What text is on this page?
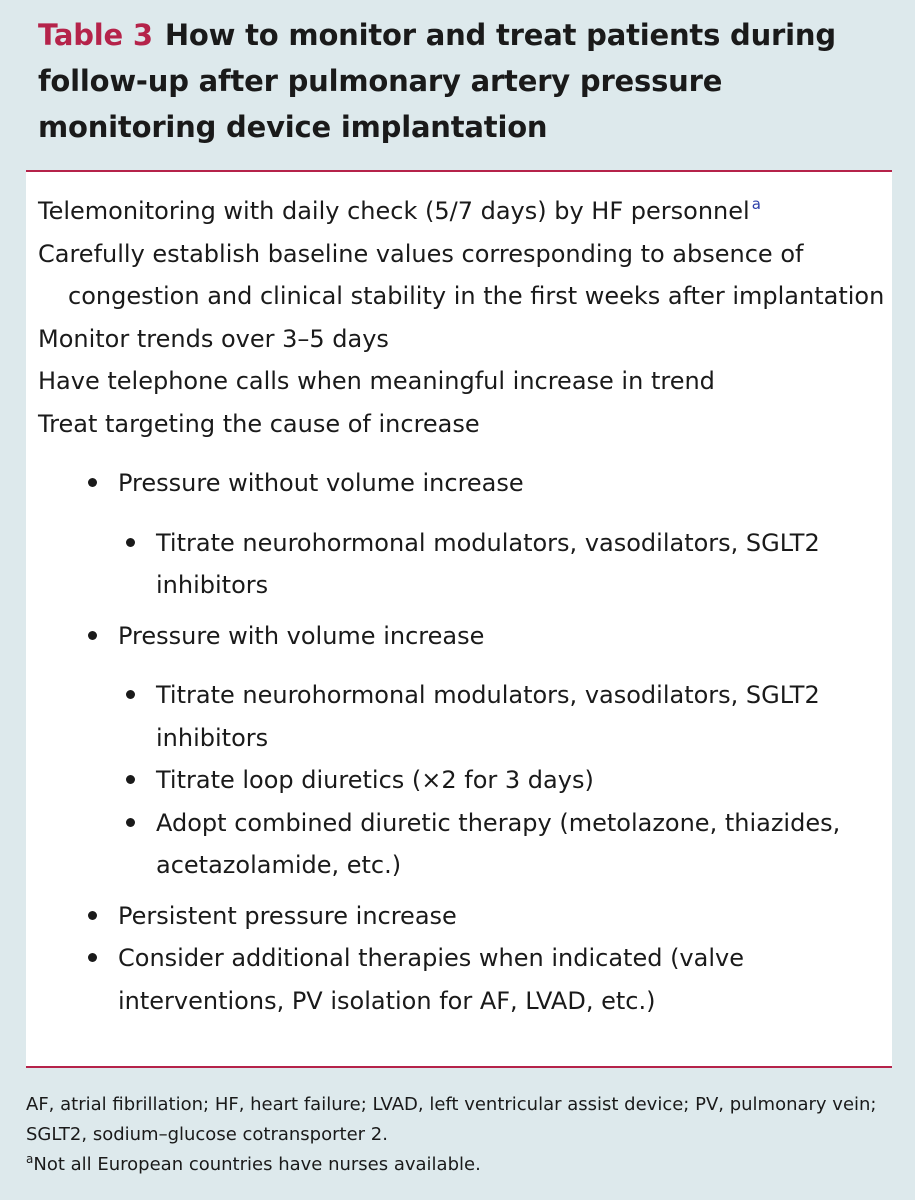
Table 3 How to monitor and treat patients during follow-up after pulmonary artery pressure monitoring device implantation
Telemonitoring with daily check (5/7 days) by HF personnel $^a$
Carefully establish baseline values corresponding to absence of congestion and clinical stability in the first weeks after implantation
Monitor trends over 3–5 days
Have telephone calls when meaningful increase in trend
Treat targeting the cause of increase
Pressure without volume increase
Titrate neurohormonal modulators, vasodilators, SGLT2 inhibitors
Pressure with volume increase
Titrate neurohormonal modulators, vasodilators, SGLT2 inhibitors
Titrate loop diuretics (×2 for 3 days)
Adopt combined diuretic therapy (metolazone, thiazides, acetazolamide, etc.)
Persistent pressure increase
Consider additional therapies when indicated (valve interventions, PV isolation for AF, LVAD, etc.)
AF, atrial fibrillation; HF, heart failure; LVAD, left ventricular assist device; PV, pulmonary vein; SGLT2, sodium–glucose cotransporter 2.
$^a$Not all European countries have nurses available.
